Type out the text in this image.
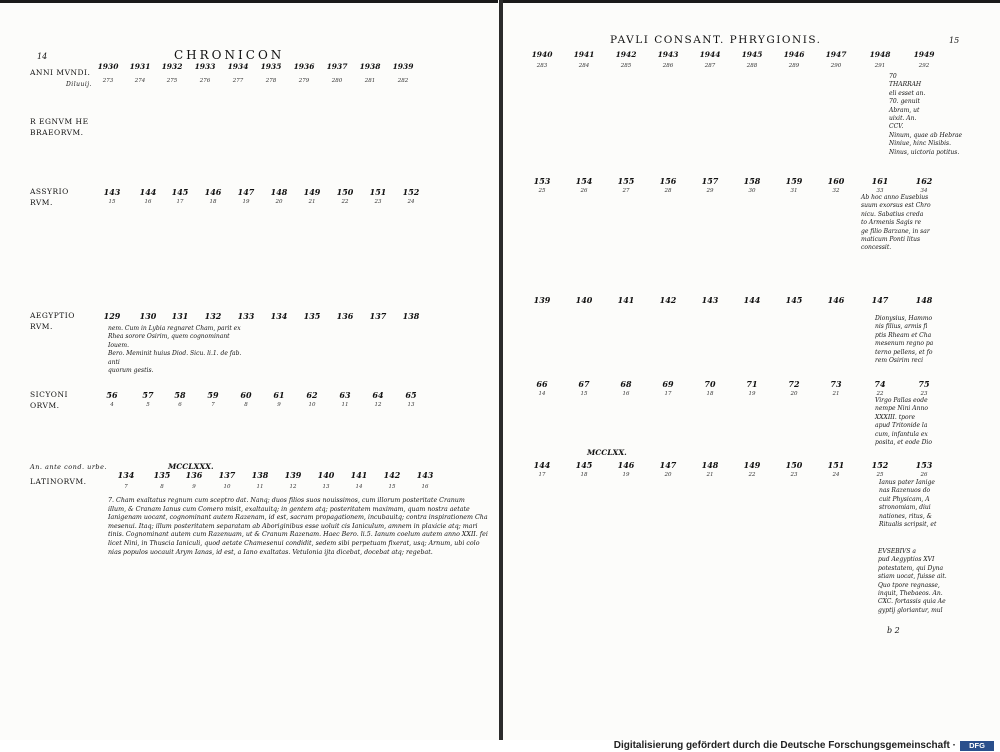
14	CHRONICON
ANNI MVNDI.
Diluuij.
nem. Cum in Lybia regnaret Cham, parit ex
Rhea sorore Osirim, quem cognominant Iouem.
Bero. Meminit huius Diod. Sicu. li.1. de fab. anti
quorum gestis.
An. ante cond. urbe.
LATINORVM.
MCCLXXX.
7. Cham exaltatus regnum cum sceptro dat. Nanq; duos filios suos nouissimos, cum illorum posteritate Cranum
illum, & Cranam Ianus cum Comero misit, exaltauitq; in gentem atq; posteritatem maximam, quam nostra aetate
Ianigenam uocant, cognominant autem Razenam, id est, sacram propagationem, incubauitq; contra inspirationem Cha
mesenui. Itaq; illum posteritatem separatam ab Aboriginibus esse uoluit cis Ianiculum, amnem in plaxicie atq; mari
tinis. Cognominant autem cum Razenuam, ut & Cranum Razenam. Haec Bero. li.5. Ianum coelum autem anno XXII. fei
licet Nini, in Thuscia Ianiculi, quod aetate Chamesenui condidit, sedem sibi perpetuam fixerat, usq; Arnum, ubi colo
nias populos uocauit Arym Ianas, id est, a Iano exaltatas. Vetulonia ijta dicebat, docebat atq; regebat.
1930 1931 1932 1933 1934 1935 1936 1937 1938 1939
273	274	275	276	277	278	279	280	281	282
R EGNVM HE
BRAEORVM.
ASSYRIO
RVM.
143 144 145 146 147 148 149 150 151 152
15	16	17	18	19	20	21	22	23	24
AEGYPTIO
RVM.
129 130 131 132 133 134 135 136 137 138
SICYONI
ORVM.
56	57	58	59	60	61	62	63	64	65
4	5	6	7	8	9	10	11	12	13
134 135 136 137 138 139 140 141 142 143
7	8	9	10	11	12	13	14	15	16
PAVLI CONSANT. PHRYGIONIS.	15
MCCLXX.
70
THARRAH
eli esset an.
70. genuit
Abram, ut
uixit. An.
CCV.
Ninum, quae ab Hebrae
Niniue, hinc Nisibis.
Ninus, uictoria potitus.
Ab hoc anno Eusebius
suum exorsus est Chro
nicu. Sabatius creda
to Armenis Sagis re
ge filio Barzane, in sar
maticum Ponti litus
concessit.
Dionysius, Hammo
nis filius, armis fi
ptis Rheam et Cha
mesenum regno pa
terno pellens, et fo
rem Osirim reci
Virgo Pallas eode
nempe Nini Anno
XXXIII. tpore
apud Tritonide la
cum, infantula ex
posita, et eode Dio
Ianus pater Ianige
nas Razenuos do
cuit Physicam, A
stronomiam, diui
nationes, ritus, &
Ritualis scripsit, et
EVSEBIVS a
pud Aegyptios XVI
potestatem, qui Dyna
stiam uocat, fuisse ait.
Quo tpore regnasse,
inquit, Thebaeos. An.
CXC. fortassis quia Ae
gyptij gloriantur, mul
b 2
1940	1941	1942	1943	1944	1945	1946	1947	1948	1949
283	284	285	286	287	288	289	290	291	292
153	154	155	156	157	158	159	160	161	162
25	26	27	28	29	30	31	32	33	34
139	140	141	142	143	144	145	146	147	148
66	67	68	69	70	71	72	73	74	75
14	15	16	17	18	19	20	21	22	23
144	145	146	147	148	149	150	151	152	153
17	18	19	20	21	22	23	24	25	26
Digitalisierung gefördert durch die Deutsche Forschungsgemeinschaft ·	DFG
